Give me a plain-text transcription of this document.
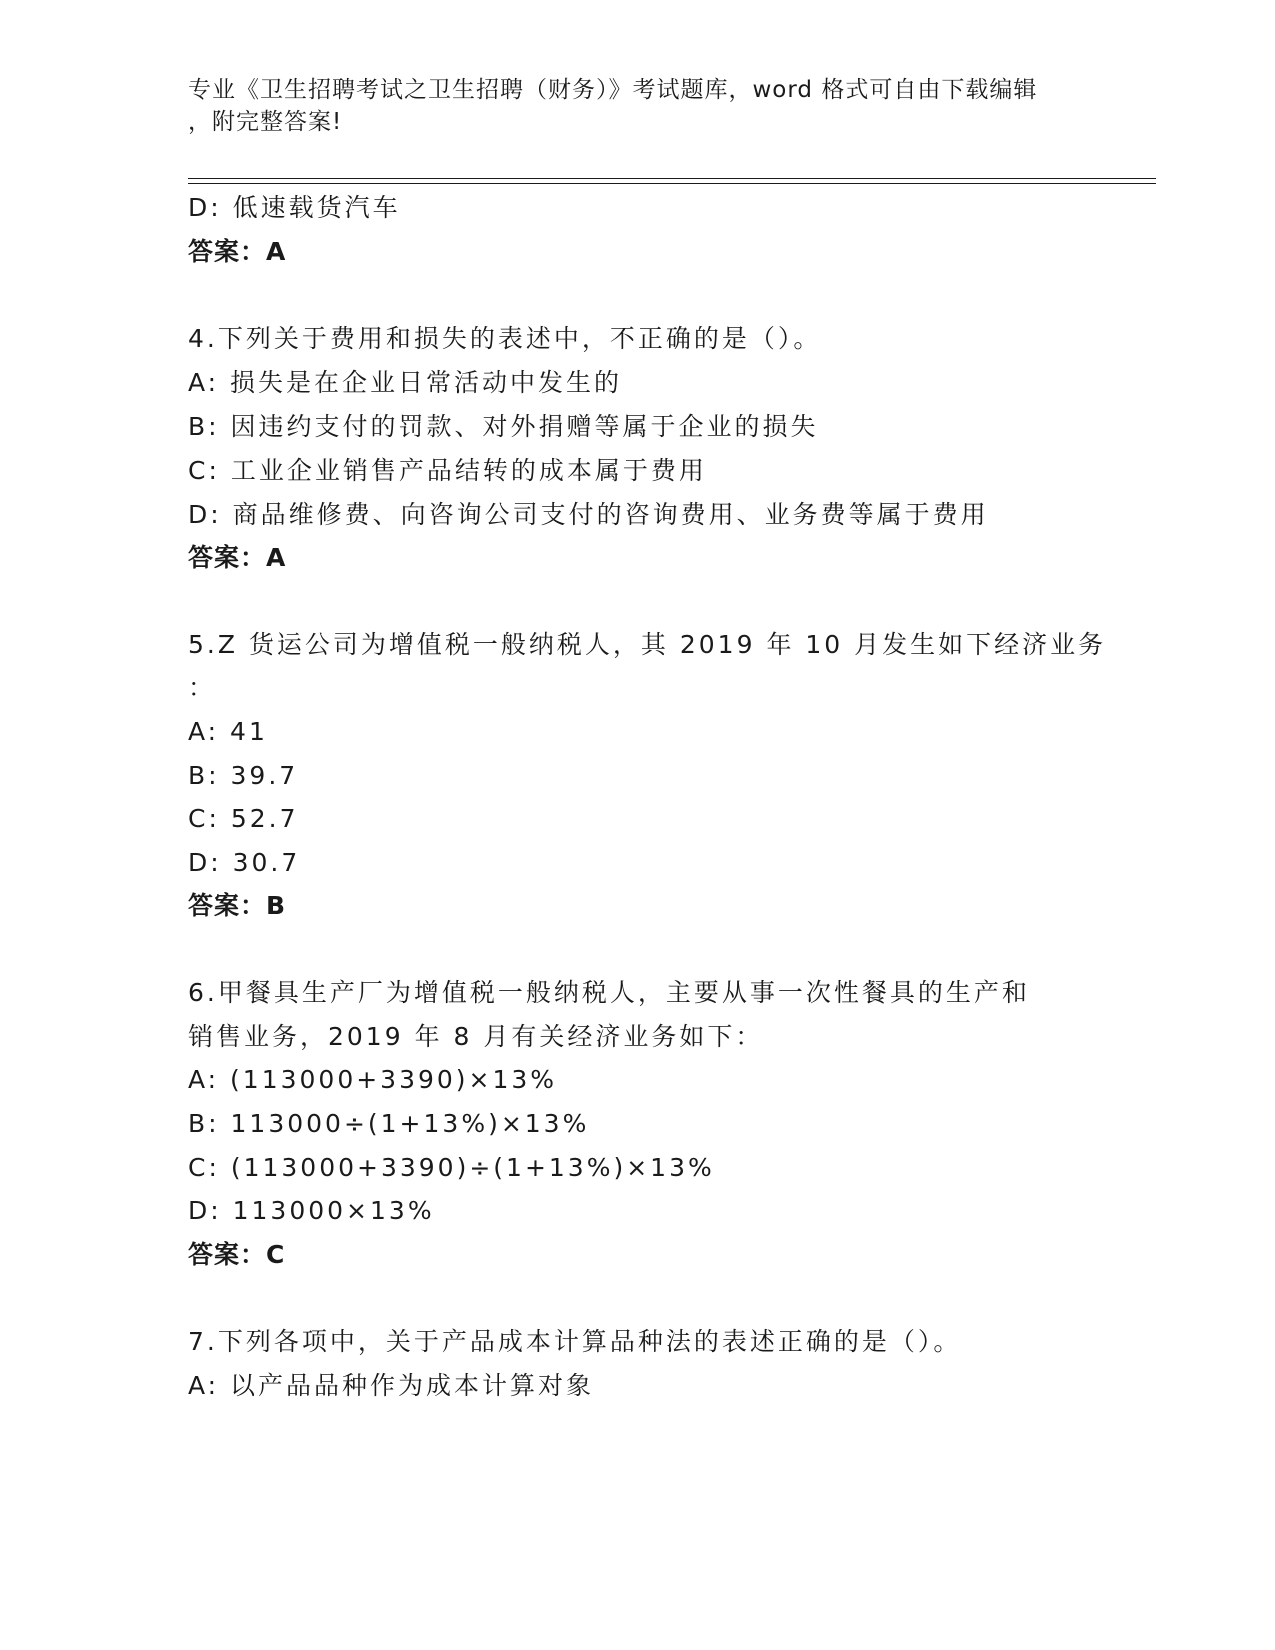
专业《卫生招聘考试之卫生招聘（财务）》考试题库，word 格式可自由下载编辑
，附完整答案!
D: 低速载货汽车
答案：A
4.下列关于费用和损失的表述中，不正确的是（）。
A: 损失是在企业日常活动中发生的
B: 因违约支付的罚款、对外捐赠等属于企业的损失
C: 工业企业销售产品结转的成本属于费用
D: 商品维修费、向咨询公司支付的咨询费用、业务费等属于费用
答案：A
5.Z 货运公司为增值税一般纳税人，其 2019 年 10 月发生如下经济业务
：
A: 41
B: 39.7
C: 52.7
D: 30.7
答案：B
6.甲餐具生产厂为增值税一般纳税人，主要从事一次性餐具的生产和
销售业务，2019 年 8 月有关经济业务如下：
A: (113000+3390)×13%
B: 113000÷(1+13%)×13%
C: (113000+3390)÷(1+13%)×13%
D: 113000×13%
答案：C
7.下列各项中，关于产品成本计算品种法的表述正确的是（）。
A: 以产品品种作为成本计算对象
